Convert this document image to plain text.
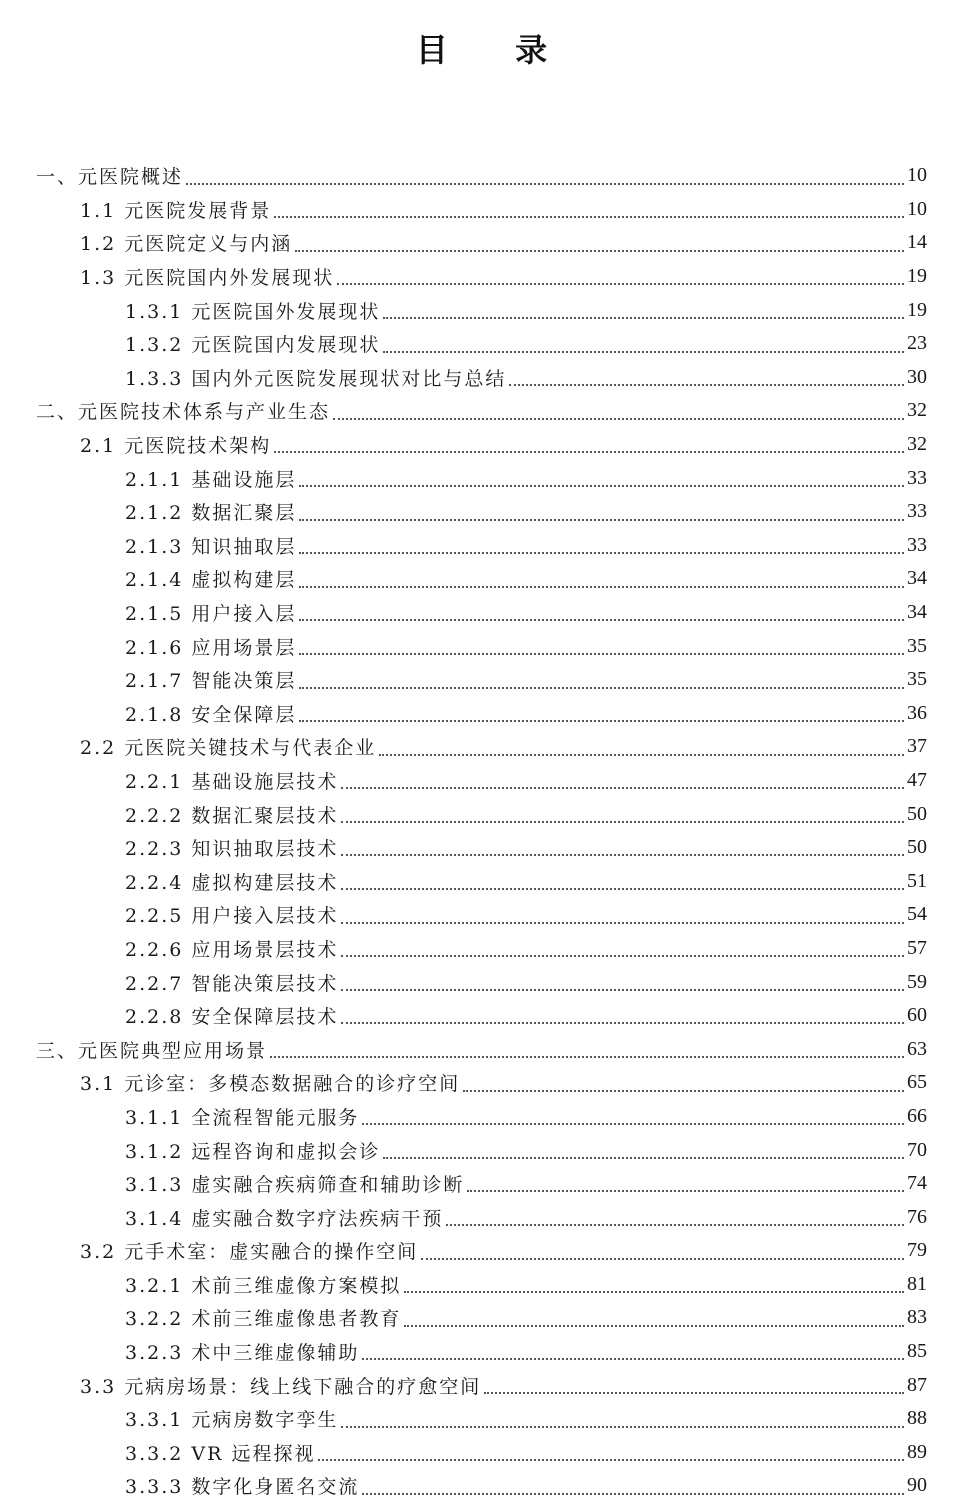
目 录
一、元医院概述	10
1.1 元医院发展背景	10
1.2 元医院定义与内涵	14
1.3 元医院国内外发展现状	19
1.3.1 元医院国外发展现状	19
1.3.2 元医院国内发展现状	23
1.3.3 国内外元医院发展现状对比与总结	30
二、元医院技术体系与产业生态	32
2.1 元医院技术架构	32
2.1.1 基础设施层	33
2.1.2 数据汇聚层	33
2.1.3 知识抽取层	33
2.1.4 虚拟构建层	34
2.1.5 用户接入层	34
2.1.6 应用场景层	35
2.1.7 智能决策层	35
2.1.8 安全保障层	36
2.2 元医院关键技术与代表企业	37
2.2.1 基础设施层技术	47
2.2.2 数据汇聚层技术	50
2.2.3 知识抽取层技术	50
2.2.4 虚拟构建层技术	51
2.2.5 用户接入层技术	54
2.2.6 应用场景层技术	57
2.2.7 智能决策层技术	59
2.2.8 安全保障层技术	60
三、元医院典型应用场景	63
3.1 元诊室：多模态数据融合的诊疗空间	65
3.1.1 全流程智能元服务	66
3.1.2 远程咨询和虚拟会诊	70
3.1.3 虚实融合疾病筛查和辅助诊断	74
3.1.4 虚实融合数字疗法疾病干预	76
3.2 元手术室：虚实融合的操作空间	79
3.2.1 术前三维虚像方案模拟	81
3.2.2 术前三维虚像患者教育	83
3.2.3 术中三维虚像辅助	85
3.3 元病房场景：线上线下融合的疗愈空间	87
3.3.1 元病房数字孪生	88
3.3.2 VR 远程探视	89
3.3.3 数字化身匿名交流	90
